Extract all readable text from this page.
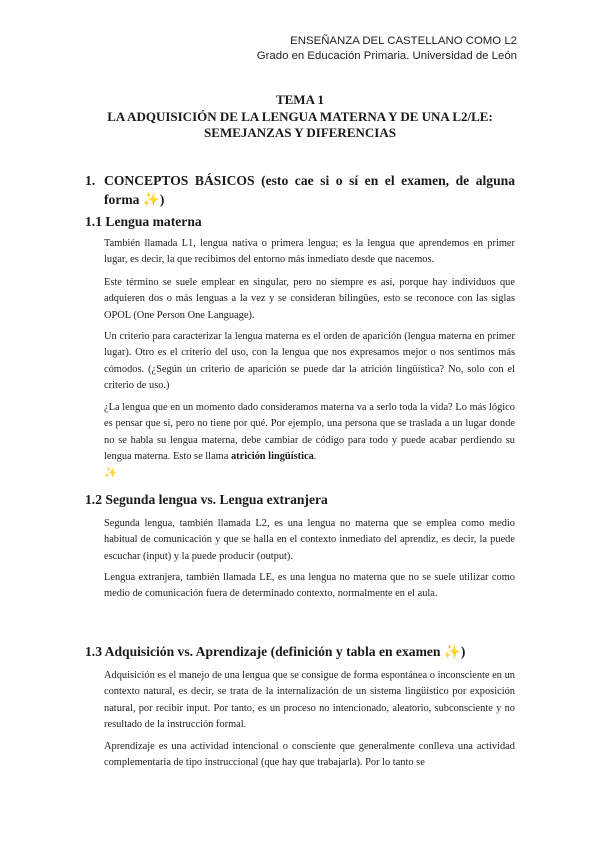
ENSEÑANZA DEL CASTELLANO COMO L2
Grado en Educación Primaria. Universidad de León
TEMA 1
LA ADQUISICIÓN DE LA LENGUA MATERNA Y DE UNA L2/LE:
SEMEJANZAS Y DIFERENCIAS
1. CONCEPTOS BÁSICOS (esto cae si o sí en el examen, de alguna forma ✨)
1.1 Lengua materna
También llamada L1, lengua nativa o primera lengua; es la lengua que aprendemos en primer lugar, es decir, la que recibimos del entorno más inmediato desde que nacemos.
Este término se suele emplear en singular, pero no siempre es así, porque hay individuos que adquieren dos o más lenguas a la vez y se consideran bilingües, esto se reconoce con las siglas OPOL (One Person One Language).
Un criterio para caracterizar la lengua materna es el orden de aparición (lengua materna en primer lugar). Otro es el criterio del uso, con la lengua que nos expresamos mejor o nos sentimos más cómodos. (¿Según un criterio de aparición se puede dar la atrición lingüística? No, solo con el criterio de uso.)
¿La lengua que en un momento dado consideramos materna va a serlo toda la vida? Lo más lógico es pensar que sí, pero no tiene por qué. Por ejemplo, una persona que se traslada a un lugar donde no se habla su lengua materna, debe cambiar de código para todo y puede acabar perdiendo su lengua materna. Esto se llama atrición lingüística.
✨
1.2 Segunda lengua vs. Lengua extranjera
Segunda lengua, también llamada L2, es una lengua no materna que se emplea como medio habitual de comunicación y que se halla en el contexto inmediato del aprendiz, es decir, la puede escuchar (input) y la puede producir (output).
Lengua extranjera, también llamada LE, es una lengua no materna que no se suele utilizar como medio de comunicación fuera de determinado contexto, normalmente en el aula.
1.3 Adquisición vs. Aprendizaje (definición y tabla en examen ✨)
Adquisición es el manejo de una lengua que se consigue de forma espontánea o inconsciente en un contexto natural, es decir, se trata de la internalización de un sistema lingüístico por exposición natural, por recibir input. Por tanto, es un proceso no intencionado, aleatorio, subconsciente y no resultado de la instrucción formal.
Aprendizaje es una actividad intencional o consciente que generalmente conlleva una actividad complementaria de tipo instruccional (que hay que trabajarla). Por lo tanto se
